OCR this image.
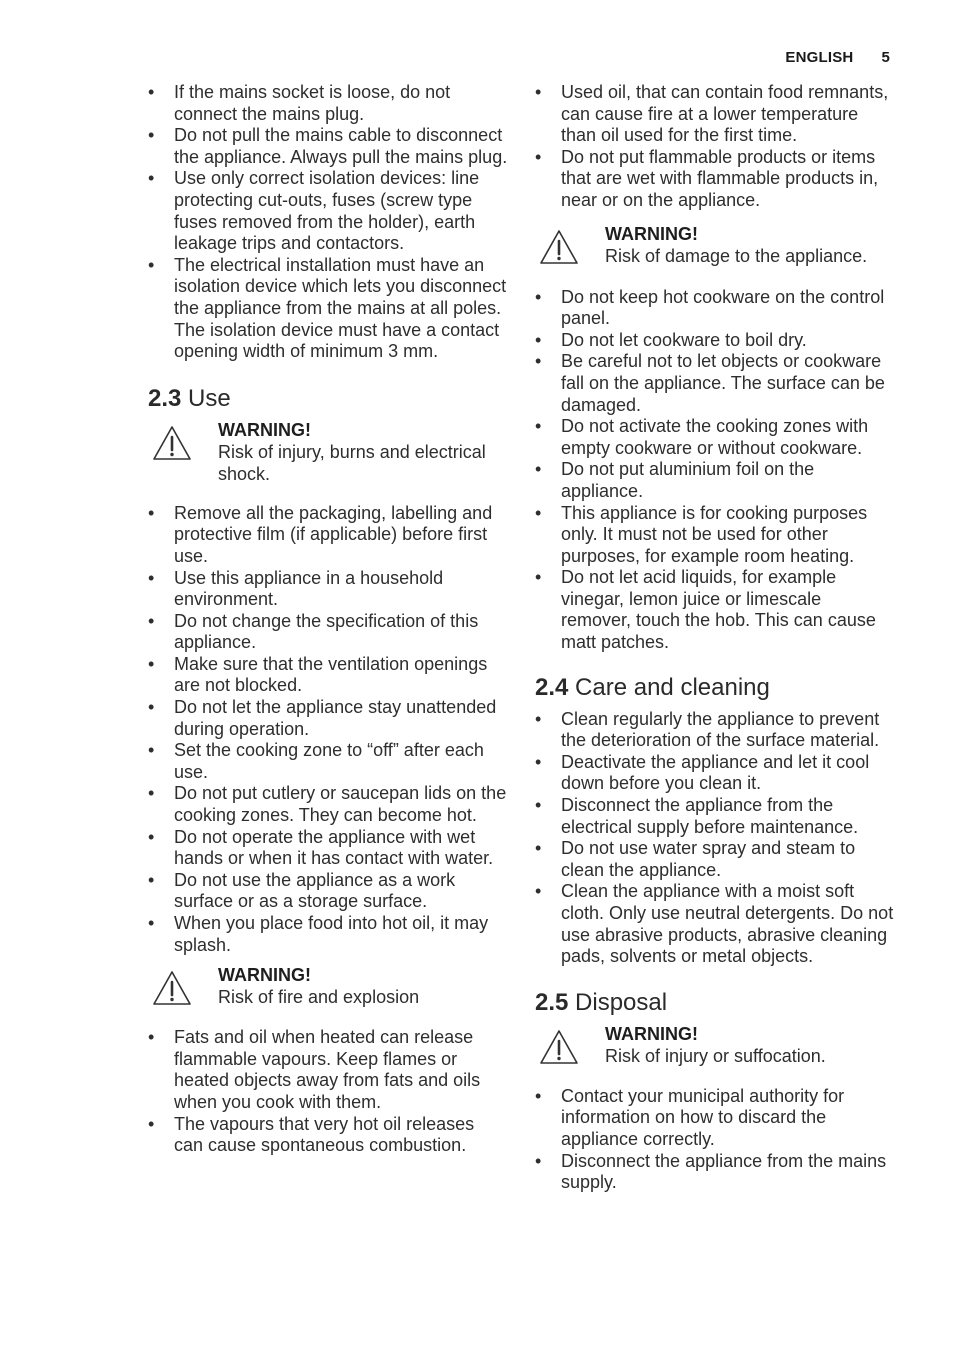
ENGLISH 5
• If the mains socket is loose, do not connect the mains plug.
• Do not pull the mains cable to disconnect the appliance. Always pull the mains plug.
• Use only correct isolation devices: line protecting cut-outs, fuses (screw type fuses removed from the holder), earth leakage trips and contactors.
• The electrical installation must have an isolation device which lets you disconnect the appliance from the mains at all poles. The isolation device must have a contact opening width of minimum 3 mm.
2.3 Use
WARNING!
Risk of injury, burns and electrical shock.
• Remove all the packaging, labelling and protective film (if applicable) before first use.
• Use this appliance in a household environment.
• Do not change the specification of this appliance.
• Make sure that the ventilation openings are not blocked.
• Do not let the appliance stay unattended during operation.
• Set the cooking zone to “off” after each use.
• Do not put cutlery or saucepan lids on the cooking zones. They can become hot.
• Do not operate the appliance with wet hands or when it has contact with water.
• Do not use the appliance as a work surface or as a storage surface.
• When you place food into hot oil, it may splash.
WARNING!
Risk of fire and explosion
• Fats and oil when heated can release flammable vapours. Keep flames or heated objects away from fats and oils when you cook with them.
• The vapours that very hot oil releases can cause spontaneous combustion.
• Used oil, that can contain food remnants, can cause fire at a lower temperature than oil used for the first time.
• Do not put flammable products or items that are wet with flammable products in, near or on the appliance.
WARNING!
Risk of damage to the appliance.
• Do not keep hot cookware on the control panel.
• Do not let cookware to boil dry.
• Be careful not to let objects or cookware fall on the appliance. The surface can be damaged.
• Do not activate the cooking zones with empty cookware or without cookware.
• Do not put aluminium foil on the appliance.
• This appliance is for cooking purposes only. It must not be used for other purposes, for example room heating.
• Do not let acid liquids, for example vinegar, lemon juice or limescale remover, touch the hob. This can cause matt patches.
2.4 Care and cleaning
• Clean regularly the appliance to prevent the deterioration of the surface material.
• Deactivate the appliance and let it cool down before you clean it.
• Disconnect the appliance from the electrical supply before maintenance.
• Do not use water spray and steam to clean the appliance.
• Clean the appliance with a moist soft cloth. Only use neutral detergents. Do not use abrasive products, abrasive cleaning pads, solvents or metal objects.
2.5 Disposal
WARNING!
Risk of injury or suffocation.
• Contact your municipal authority for information on how to discard the appliance correctly.
• Disconnect the appliance from the mains supply.
